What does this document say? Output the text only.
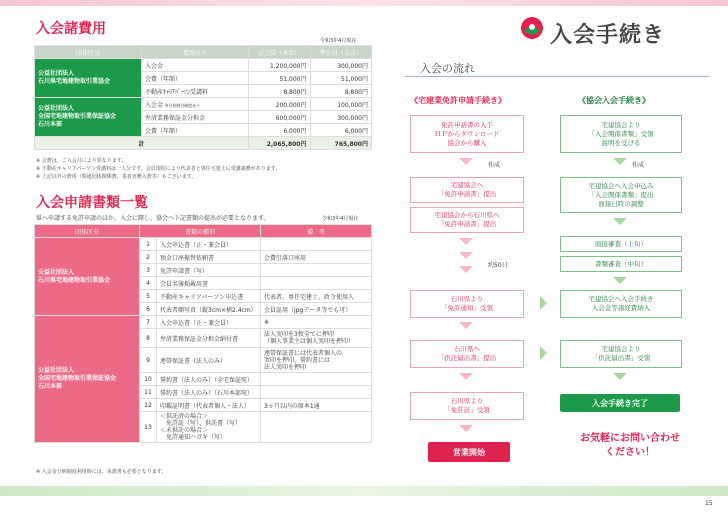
入会諸費用
令和3年4月現在
団体区分	費用区分	正会員（本店）	準会員（支店）
公益社団法人
石川県宅地建物取引業協会	入会金	1,200,000円	300,000円
	会費（年額）	51,000円	51,000円
	不動産ｷｬﾘｱﾊﾟｰｿﾝ受講料	8,800円	8,800円
公益社団法人
全国宅地建物取引業保証協会
石川本部	入会金 ※分担納付制度あり	200,000円	100,000円
	弁済業務保証金分担金	600,000円	300,000円
	会費（年額）	6,000円	6,000円
計		2,065,800円	765,800円
※ 会費は、ご入会月により異なります。
※ 不動産キャリアパーソン受講料は一人分です。会員規程により代表者と専任宅建士に受講義務があります。
※ 上記以外の費用（関連団体関係費、業者実務入費等）もございます。
入会申請書類一覧
県へ申請する免許申請のほか、入会に際し、協会へ下記書類の提出が必要となります。	令和3年4月現在
団体区分	書類の種別		備　考
公益社団法人
石川県宅地建物取引業協会	1	入会申込書（正・兼会員）	
	2	預金口座振替依頼書	会費引落口座用
	3	免許申請書（写）	
	4	会員名簿掲載用書	
	5	不動産キャリアパーソン申込書	代表者、専任宅建士、政令使用人
	6	代表者顔写真（縦3cm×横2.4cm）	会員証用（jpgデータ等でも可）
公益社団法人
全国宅地建物取引業保証協会
石川本部	7	入会申込書（正・兼会員）	※
	8	弁済業務保証金分担金納付書	法人実印を3枚全てに押印
（個人事業主は個人実印を押印）
	9	連帯保証書（法人のみ）	連帯保証書には代表者個人の
実印を押印、誓約書には
法人実印を押印
	10	誓約書（法人のみ）（全宅保証宛）	
	11	誓約書（法人のみ）（石川本部宛）	
	12	印鑑証明書（代表者個人・法人）	3ヵ月以内の原本1通
	13	＜供託済の場合＞
　免許証（写）、供託書（写）
＜未供託の場合＞
　免許通知ハガキ（写）	
※ 入会金分納制度利用時には、承諾書も必要となります。
入会手続き
入会の流れ
《宅建業免許申請手続き》	《協会入会手続き》
免許申請書の入手
ＨＰからダウンロード
協会から購入
作成
宅建協会へ
「免許申請書」提出
宅建協会から石川県へ
「免許申請書」提出
約50日
石川県より
「免許通知」受領
石川県へ
「供託届出書」提出
石川県より
「免許証」受領
営業開始
宅建協会より
「入会関係書類」受領
説明を受ける
作成
宅建協会へ入会申込み
「入会関係書類」提出
面接日時の調整
面接審査（上旬）
書類審査（中旬）
宅建協会へ入会手続き
入会金等諸経費納入
宅建協会より
「供託届出書」受領
入会手続き完了
お気軽にお問い合わせ
ください！
15
